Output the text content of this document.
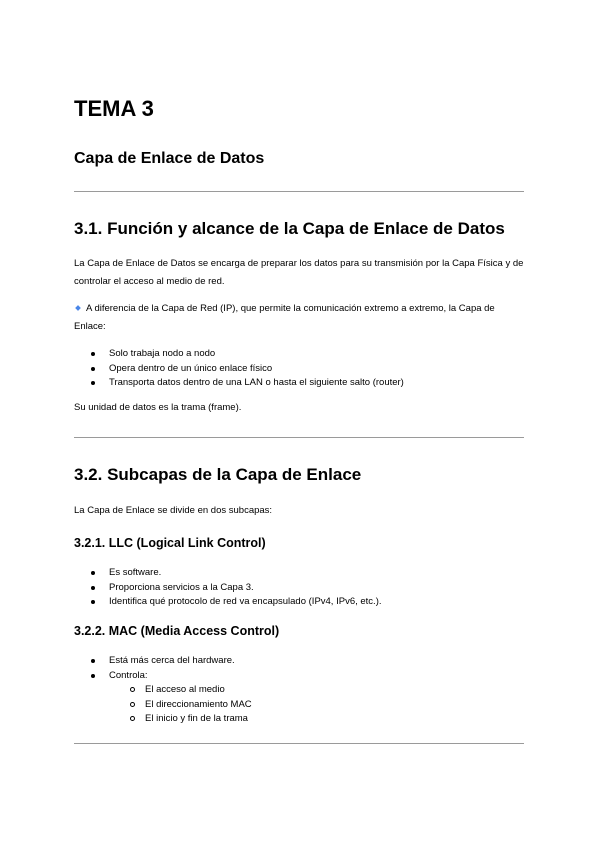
TEMA 3
Capa de Enlace de Datos
3.1. Función y alcance de la Capa de Enlace de Datos

La Capa de Enlace de Datos se encarga de preparar los datos para su transmisión por la Capa Física y de controlar el acceso al medio de red.

A diferencia de la Capa de Red (IP), que permite la comunicación extremo a extremo, la Capa de Enlace:

Solo trabaja nodo a nodo
Opera dentro de un único enlace físico
Transporta datos dentro de una LAN o hasta el siguiente salto (router)

Su unidad de datos es la trama (frame).

3.2. Subcapas de la Capa de Enlace

La Capa de Enlace se divide en dos subcapas:

3.2.1. LLC (Logical Link Control)
Es software.
Proporciona servicios a la Capa 3.
Identifica qué protocolo de red va encapsulado (IPv4, IPv6, etc.).
3.2.2. MAC (Media Access Control)
Está más cerca del hardware.
Controla:
El acceso al medio
El direccionamiento MAC
El inicio y fin de la trama
